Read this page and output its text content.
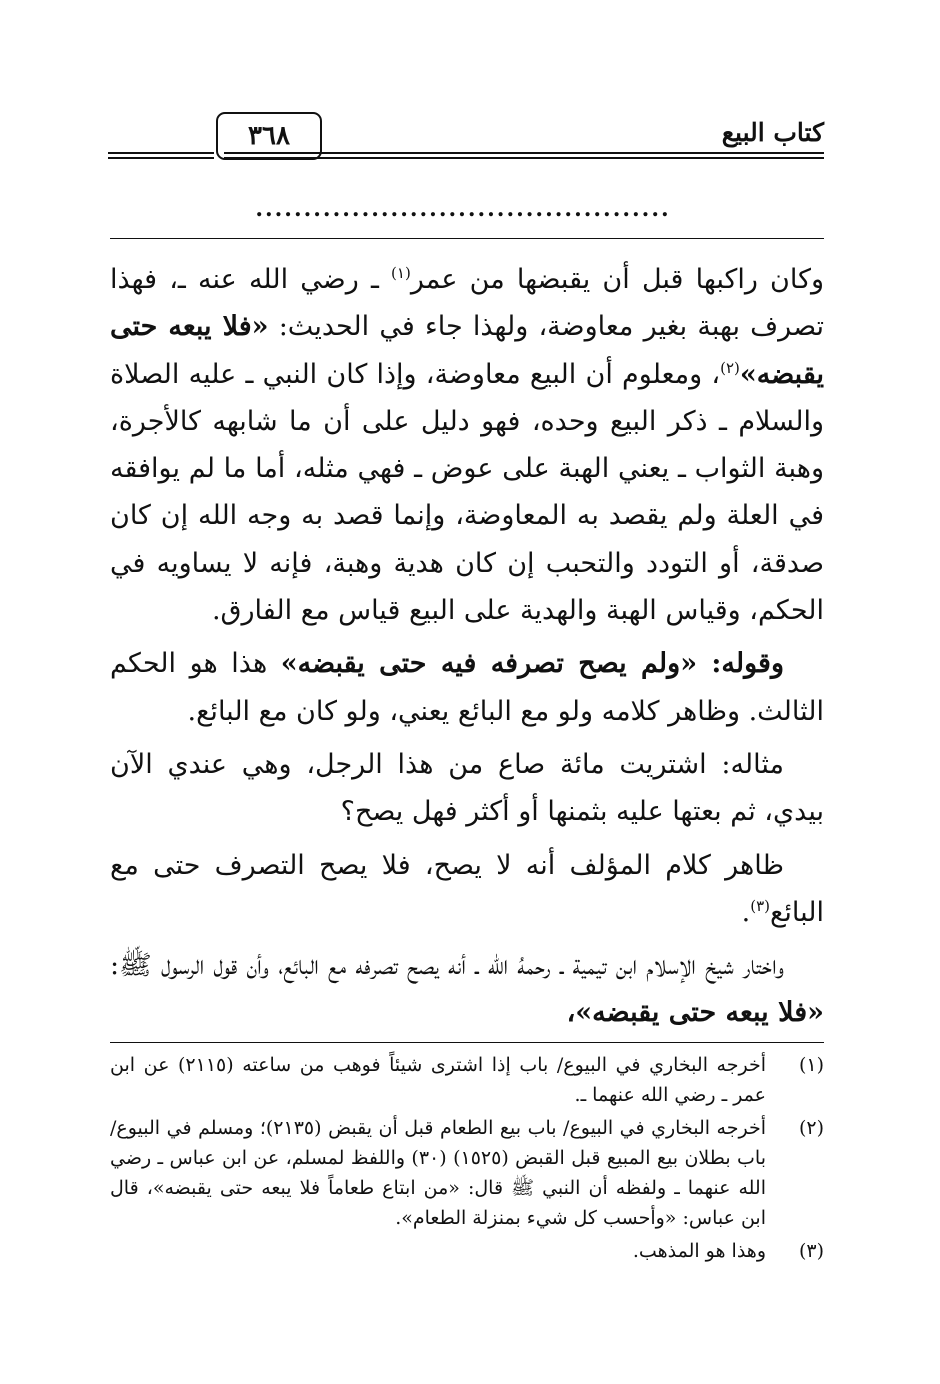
٣٦٨	كتاب البيع
...........................................

وكان راكبها قبل أن يقبضها من عمر$^{(١)}$ ـ رضي الله عنه ـ، فهذا تصرف بهبة بغير معاوضة، ولهذا جاء في الحديث: «فلا يبعه حتى يقبضه»$^{(٢)}$، ومعلوم أن البيع معاوضة، وإذا كان النبي ـ عليه الصلاة والسلام ـ ذكر البيع وحده، فهو دليل على أن ما شابهه كالأجرة، وهبة الثواب ـ يعني الهبة على عوض ـ فهي مثله، أما ما لم يوافقه في العلة ولم يقصد به المعاوضة، وإنما قصد به وجه الله إن كان صدقة، أو التودد والتحبب إن كان هدية وهبة، فإنه لا يساويه في الحكم، وقياس الهبة والهدية على البيع قياس مع الفارق.

وقوله: «ولم يصح تصرفه فيه حتى يقبضه» هذا هو الحكم الثالث. وظاهر كلامه ولو مع البائع يعني، ولو كان مع البائع.

مثاله: اشتريت مائة صاع من هذا الرجل، وهي عندي الآن بيدي، ثم بعتها عليه بثمنها أو أكثر فهل يصح؟

ظاهر كلام المؤلف أنه لا يصح، فلا يصح التصرف حتى مع البائع$^{(٣)}$.

واختار شيخ الإسلام ابن تيمية ـ رحمهُ الله ـ أنه يصح تصرفه مع البائع، وأن قول الرسول ﷺ: «فلا يبعه حتى يقبضه»،

(١)
أخرجه البخاري في البيوع/ باب إذا اشترى شيئاً فوهب من ساعته (٢١١٥) عن ابن عمر ـ رضي الله عنهما ـ.
(٢)
أخرجه البخاري في البيوع/ باب بيع الطعام قبل أن يقبض (٢١٣٥)؛ ومسلم في البيوع/ باب بطلان بيع المبيع قبل القبض (١٥٢٥) (٣٠) واللفظ لمسلم، عن ابن عباس ـ رضي الله عنهما ـ ولفظه أن النبي ﷺ قال: «من ابتاع طعاماً فلا يبعه حتى يقبضه»، قال ابن عباس: «وأحسب كل شيء بمنزلة الطعام».
(٣)
وهذا هو المذهب.
